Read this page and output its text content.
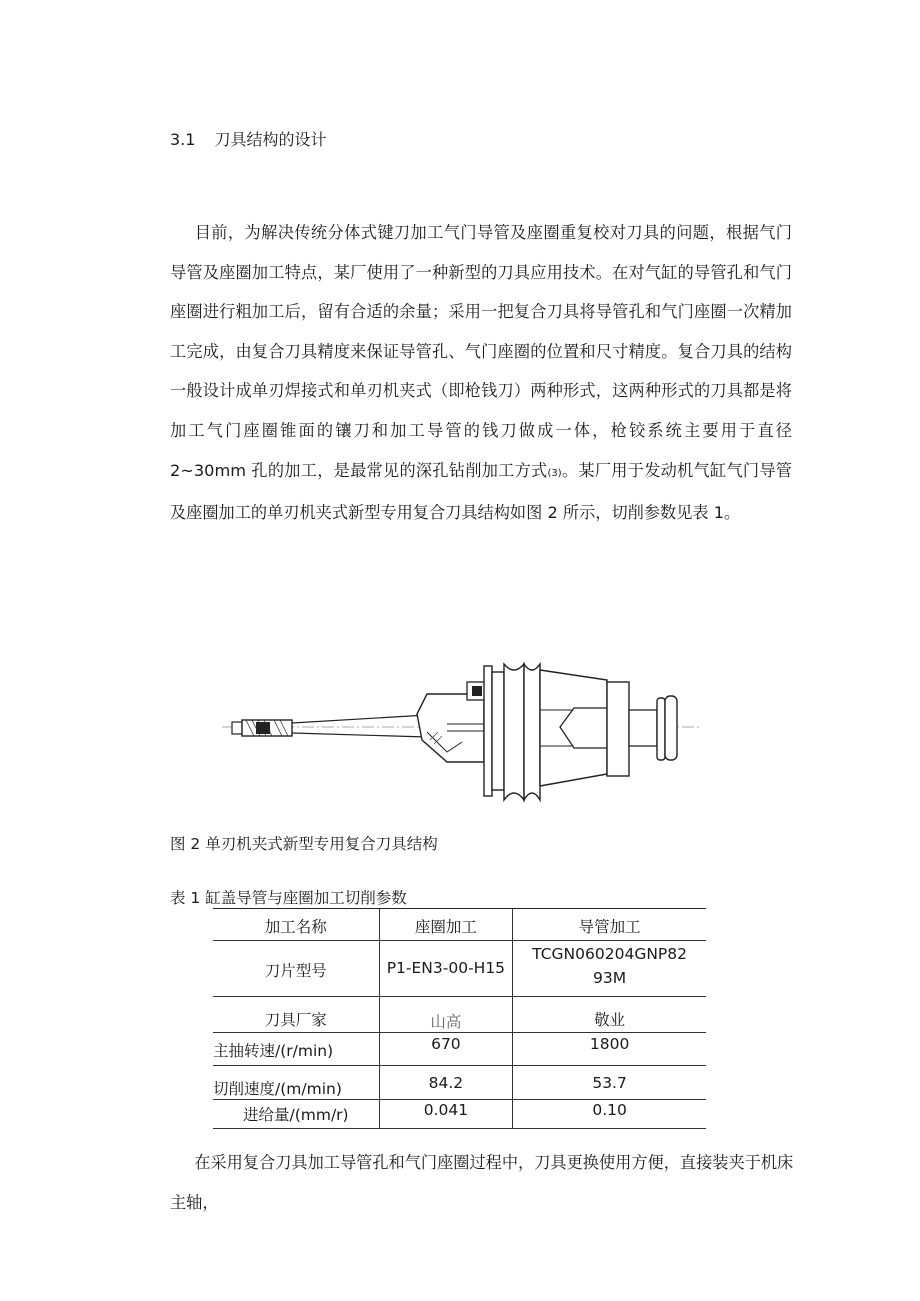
3.1 刀具结构的设计
  目前，为解决传统分体式键刀加工气门导管及座圈重复校对刀具的问题，根据气门导管及座圈加工特点，某厂使用了一种新型的刀具应用技术。在对气缸的导管孔和气门座圈进行粗加工后，留有合适的余量；采用一把复合刀具将导管孔和气门座圈一次精加工完成，由复合刀具精度来保证导管孔、气门座圈的位置和尺寸精度。复合刀具的结构一般设计成单刃焊接式和单刃机夹式（即枪钱刀）两种形式，这两种形式的刀具都是将加工气门座圈锥面的镶刀和加工导管的钱刀做成一体，枪铰系统主要用于直径 2~30mm 孔的加工，是最常见的深孔钻削加工方式(3)。某厂用于发动机气缸气门导管及座圈加工的单刃机夹式新型专用复合刀具结构如图 2 所示，切削参数见表 1。
图 2 单刃机夹式新型专用复合刀具结构
表 1 缸盖导管与座圈加工切削参数
加工名称	座圈加工	导管加工

刀片型号	P1-EN3-00-H15	TCGN060204GNP82
93M

刀具厂家	山高	敬业

主抽转速/(r/min)	670	1800

切削速度/(m/min)	84.2	53.7

进给量/(mm/r)	0.041	0.10
  在采用复合刀具加工导管孔和气门座圈过程中，刀具更换使用方便，直接装夹于机床主轴，
